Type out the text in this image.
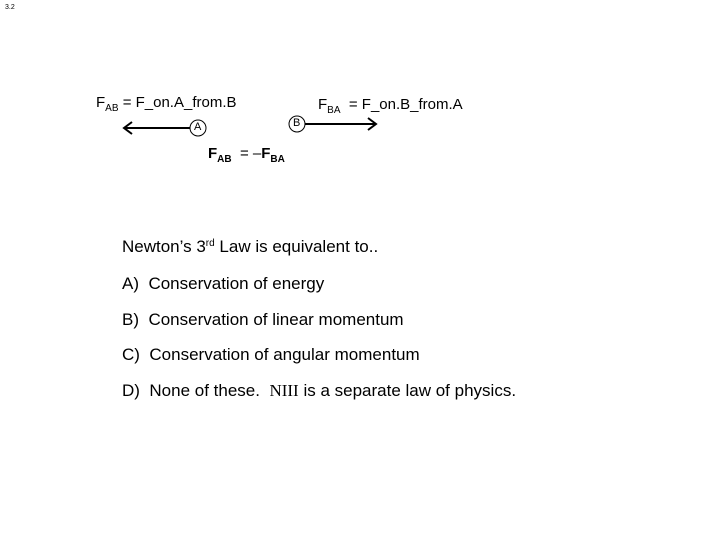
3.2
$F_{AB}$ = F_on.A_from.B	$F_{BA}$ = F_on.B_from.A
A	B
$F_{AB} = -F_{BA}$
Newton’s 3rd Law is equivalent to..
A) Conservation of energy
B) Conservation of linear momentum
C) Conservation of angular momentum
D) None of these. NIII is a separate law of physics.
